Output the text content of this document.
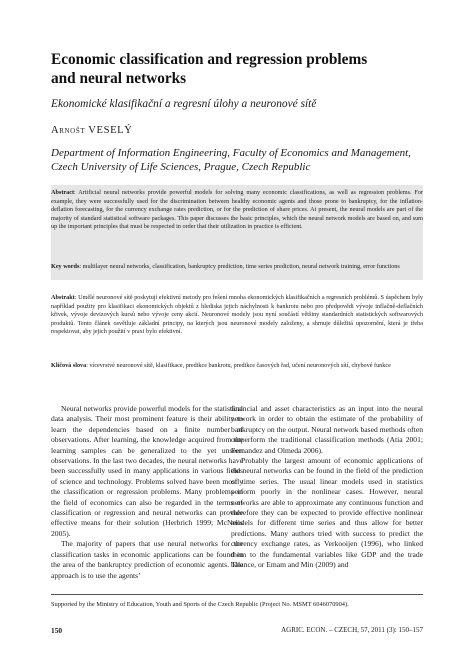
Economic classification and regression problems
and neural networks
Ekonomické klasifikační a regresní úlohy a neuronové sítě
Arnošt VESELÝ
Department of Information Engineering, Faculty of Economics and Management,
Czech University of Life Sciences, Prague, Czech Republic

Abstract: Artificial neural networks provide powerful models for solving many economic classifications, as well as regression problems. For example, they were successfully used for the discrimination between healthy economic agents and those prone to bankruptcy, for the inflation-deflation forecasting, for the currency exchange rates prediction, or for the prediction of share prices. At present, the neural models are part of the majority of standard statistical software packages. This paper discusses the basic principles, which the neural network models are based on, and sum up the important principles that must be respected in order that their utilization in practice is efficient.

Key words: multilayer neural networks, classification, bankruptcy prediction, time series prediction, neural network training, error functions
Abstrakt: Umělé neuronové sítě poskytují efektivní metody pro řešení mnoha ekonomických klasifikačních a regresních problémů. S úspěchem byly například použity pro klasifikaci ekonomických objektů z hlediska jejich náchylnosti k bankrotu nebo pro předpovědi vývoje inflačně-deflačních křivek, vývoje devizových kursů nebo vývoje ceny akcií. Neuronové modely jsou nyní součástí většiny standardních statistických softwarových produktů. Tento článek osvětluje základní principy, na kterých jsou neuronové modely založeny, a shrnuje důležitá upozornění, která je třeba respektovat, aby jejich použití v praxi bylo efektivní.
Klíčová slova: vícevrstvé neuronové sítě, klasifikace, predikce bankrotu, predikce časových řad, učení neuronových sítí, chybové funkce

Neural networks provide powerful models for the statistical data analysis. Their most prominent feature is their ability to learn the dependencies based on a finite number of observations. After learning, the knowledge acquired from the learning samples can be generalized to the yet unseen observations. In the last two decades, the neural networks have been successfully used in many applications in various fields of science and technology. Problems solved have been mostly the classification or regression problems. Many problems in the field of economics can also be regarded in the terms of classification or regression and neural networks can provide effective means for their solution (Herbrich 1999; McNelis 2005).

The majority of papers that use neural networks for the classification tasks in economic applications can be found in the area of the bankruptcy prediction of economic agents. The approach is to use the agents’

financial and asset characteristics as an input into the neural network in order to obtain the estimate of the probability of bankruptcy on the output. Neural network based methods often outperform the traditional classification methods (Atia 2001; Fernandez and Olmeda 2006).

Probably the largest amount of economic applications of the neural networks can be found in the field of the prediction of time series. The usual linear models used in statistics perform poorly in the nonlinear cases. However, neural networks are able to approximate any continuous function and therefore they can be expected to provide effective nonlinear models for different time series and thus allow for better predictions. Many authors tried with success to predict the currency exchange rates, as Verkooijen (1996), who linked them to the fundamental variables like GDP and the trade balance, or Emam and Min (2009) and

Supported by the Ministry of Education, Youth and Sports of the Czech Republic (Project No. MSMT 6046070904).
150	AGRIC. ECON. – CZECH, 57, 2011 (3): 150–157
